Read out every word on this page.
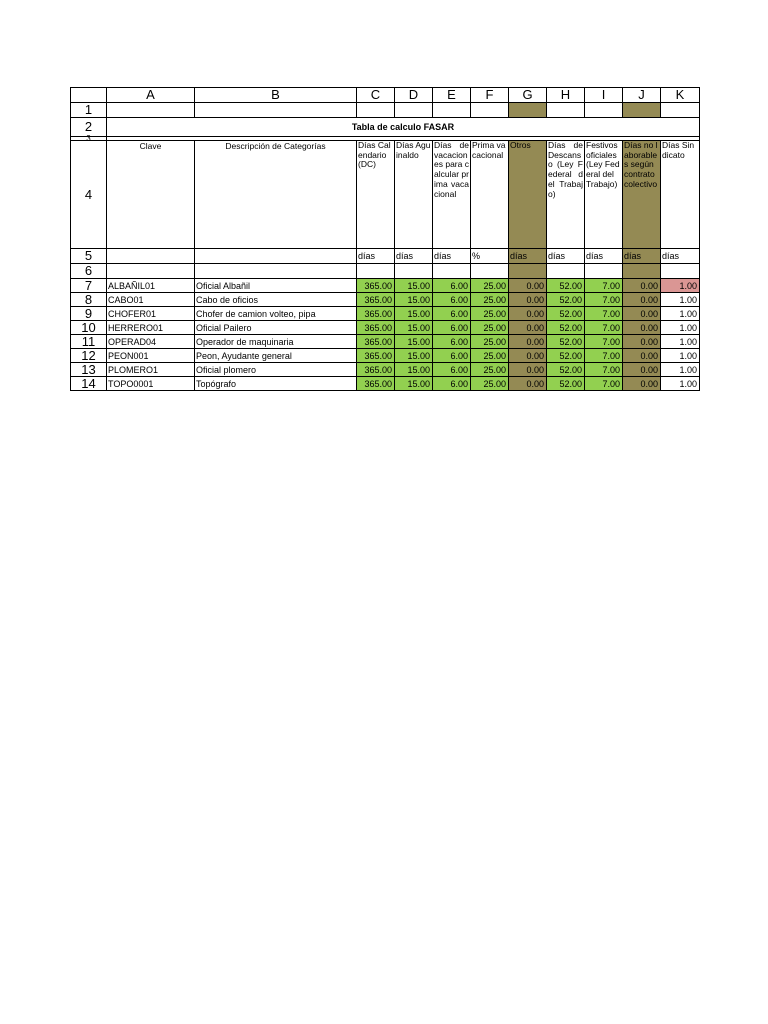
	A	B	C	D	E	F	G	H	I	J	K
1											
2	Tabla de calculo FASAR										
3											
4	Clave	Descripción de Categorías	Días Calendario (DC)	Días Aguinaldo	Días de vacaciones para calcular prima vacacional	Prima vacacional	Otros	Días de Descanso (Ley Federal del Trabajo)	Festivos oficiales (Ley Federal del Trabajo)	Días no laborables según contrato colectivo	Días Sindicato
5			días	días	días	%	días	días	días	días	días
6											
7	ALBAÑIL01	Oficial Albañil	365.00	15.00	6.00	25.00	0.00	52.00	7.00	0.00	1.00
8	CABO01	Cabo de oficios	365.00	15.00	6.00	25.00	0.00	52.00	7.00	0.00	1.00
9	CHOFER01	Chofer de camion volteo, pipa	365.00	15.00	6.00	25.00	0.00	52.00	7.00	0.00	1.00
10	HERRERO01	Oficial Pailero	365.00	15.00	6.00	25.00	0.00	52.00	7.00	0.00	1.00
11	OPERAD04	Operador de maquinaria	365.00	15.00	6.00	25.00	0.00	52.00	7.00	0.00	1.00
12	PEON001	Peon, Ayudante general	365.00	15.00	6.00	25.00	0.00	52.00	7.00	0.00	1.00
13	PLOMERO1	Oficial plomero	365.00	15.00	6.00	25.00	0.00	52.00	7.00	0.00	1.00
14	TOPO0001	Topógrafo	365.00	15.00	6.00	25.00	0.00	52.00	7.00	0.00	1.00
